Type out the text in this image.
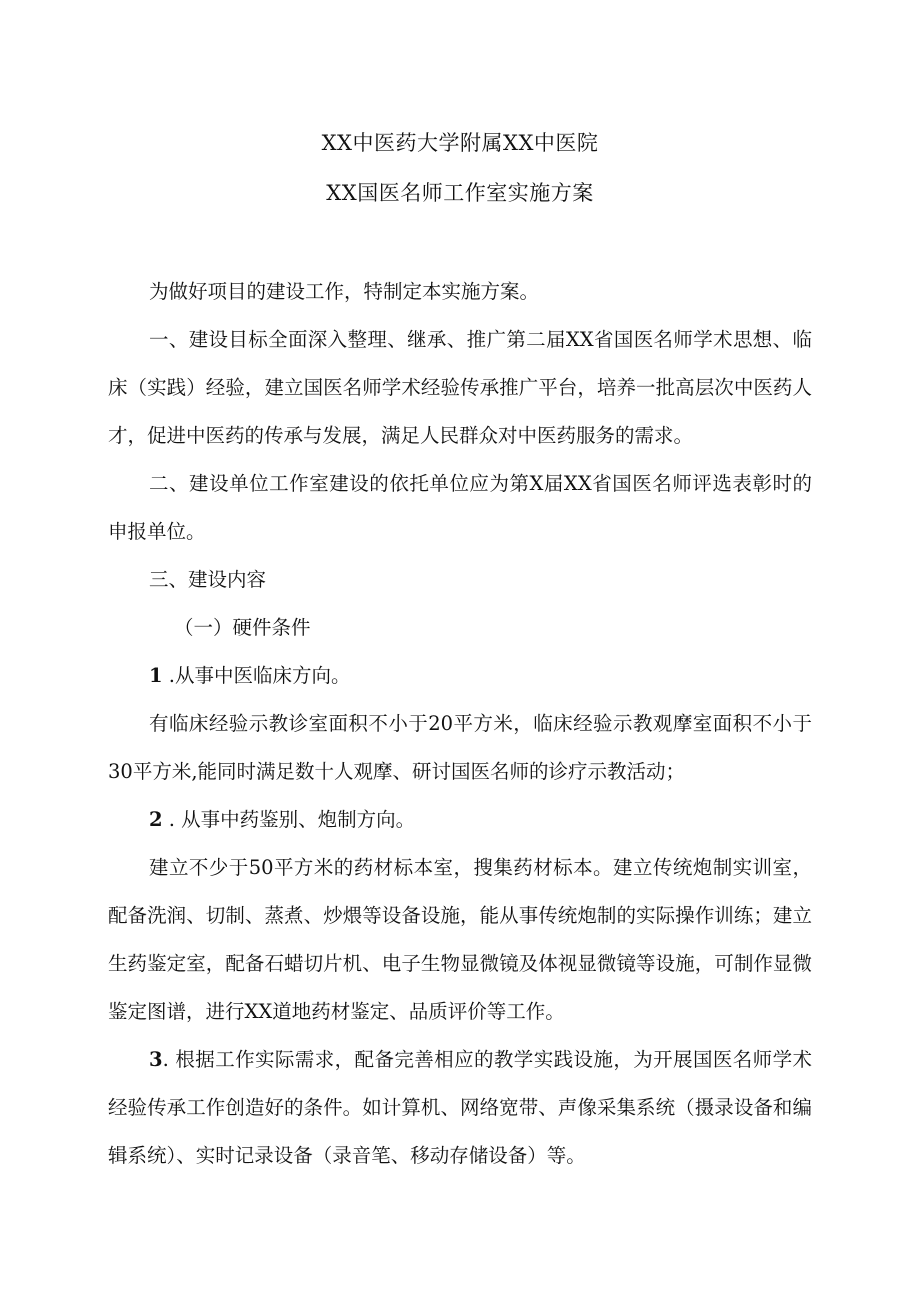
XX中医药大学附属XX中医院
XX国医名师工作室实施方案

为做好项目的建设工作，特制定本实施方案。

一、建设目标全面深入整理、继承、推广第二届XX省国医名师学术思想、临床（实践）经验，建立国医名师学术经验传承推广平台，培养一批高层次中医药人才，促进中医药的传承与发展，满足人民群众对中医药服务的需求。

二、建设单位工作室建设的依托单位应为第X届XX省国医名师评选表彰时的申报单位。

三、建设内容

（一）硬件条件

1 .从事中医临床方向。

有临床经验示教诊室面积不小于20平方米，临床经验示教观摩室面积不小于30平方米,能同时满足数十人观摩、研讨国医名师的诊疗示教活动；

2 . 从事中药鉴别、炮制方向。

建立不少于50平方米的药材标本室，搜集药材标本。建立传统炮制实训室，配备洗润、切制、蒸煮、炒煨等设备设施，能从事传统炮制的实际操作训练；建立生药鉴定室，配备石蜡切片机、电子生物显微镜及体视显微镜等设施，可制作显微鉴定图谱，进行XX道地药材鉴定、品质评价等工作。

3. 根据工作实际需求，配备完善相应的教学实践设施，为开展国医名师学术经验传承工作创造好的条件。如计算机、网络宽带、声像采集系统（摄录设备和编辑系统）、实时记录设备（录音笔、移动存储设备）等。
